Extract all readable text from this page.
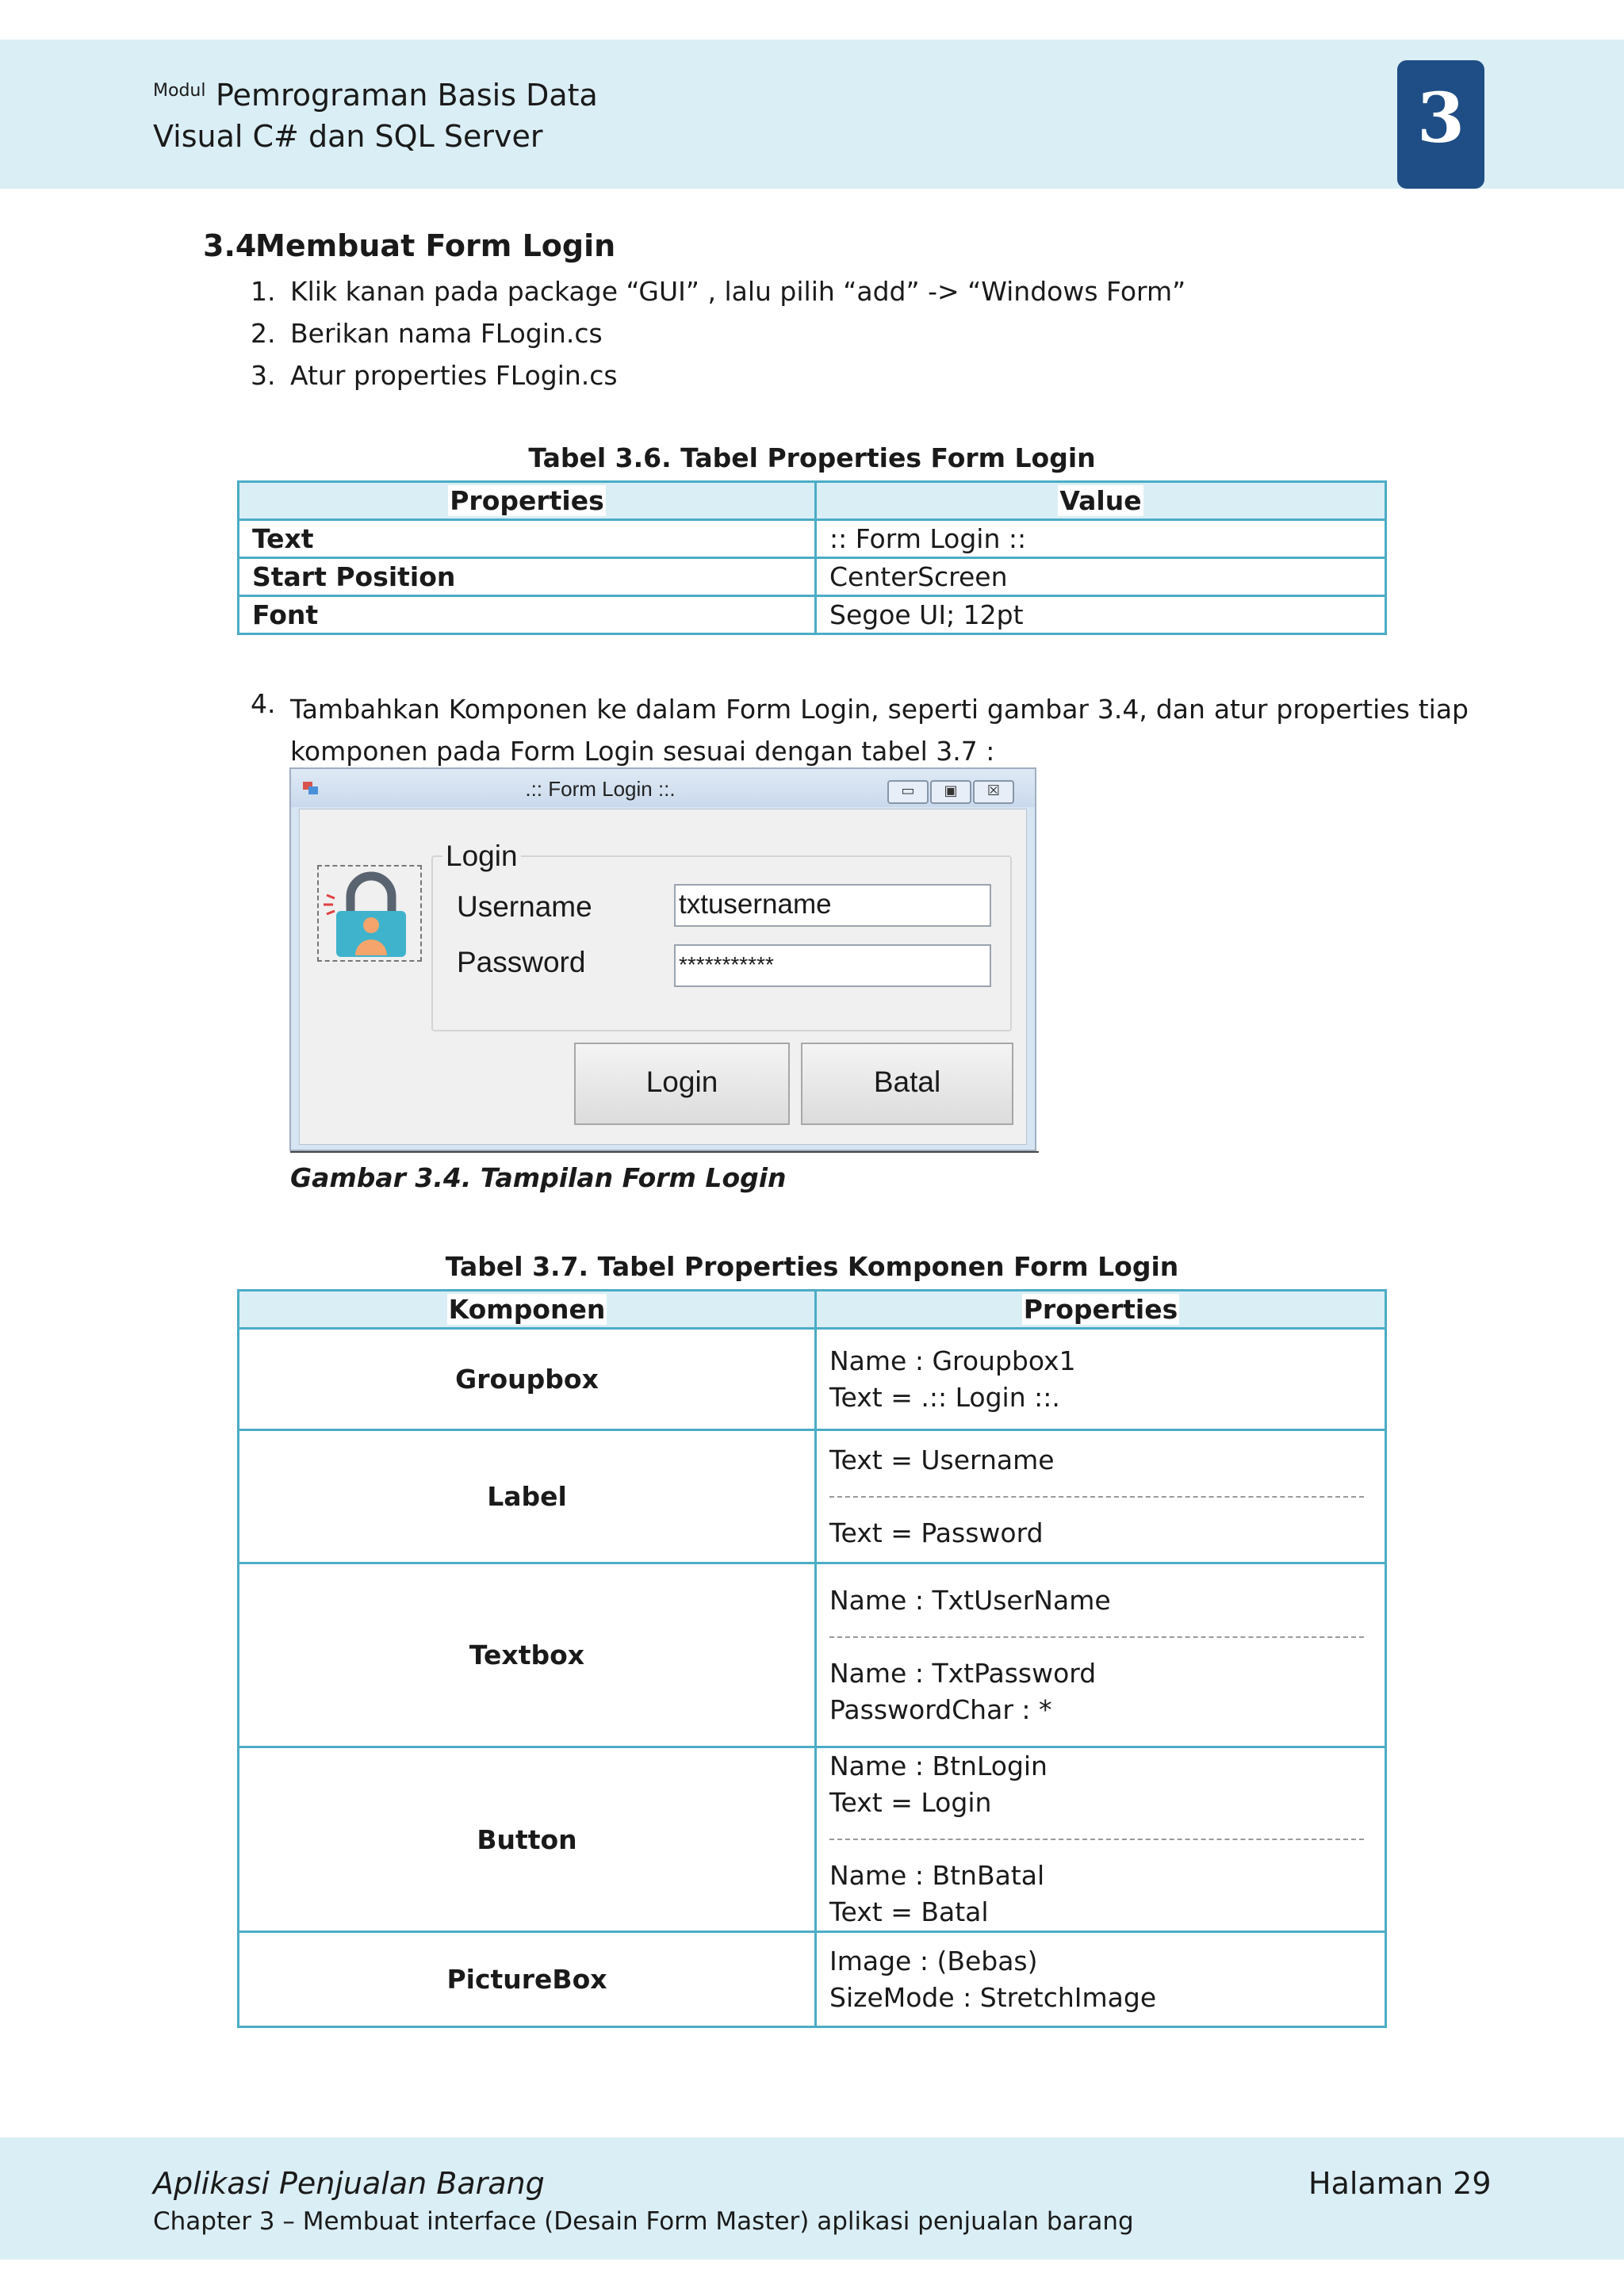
Modul Pemrograman Basis Data
Visual C# dan SQL Server	3
3.4
Membuat Form Login
1. Klik kanan pada package “GUI” , lalu pilih “add” -> “Windows Form”
2. Berikan nama FLogin.cs
3. Atur properties FLogin.cs
Tabel 3.6. Tabel Properties Form Login
Properties	Value
Text	:: Form Login ::
Start Position	CenterScreen
Font	Segoe UI; 12pt
4. Tambahkan Komponen ke dalam Form Login, seperti gambar 3.4, dan atur properties tiap komponen pada Form Login sesuai dengan tabel 3.7 :
.:: Form Login ::.	▭	▣	☒
Login
Username
Password
txtusername
***********
Login	Batal
Gambar 3.4. Tampilan Form Login
Tabel 3.7. Tabel Properties Komponen Form Login
Komponen	Properties
Groupbox	Name : Groupbox1
Text = .:: Login ::.

Label	Text = Username
Text = Password

Textbox	Name : TxtUserName
Name : TxtPassword
PasswordChar : *

Button	Name : BtnLogin
Text = Login
Name : BtnBatal
Text = Batal

PictureBox	Image : (Bebas)
SizeMode : StretchImage
Aplikasi Penjualan Barang	Halaman 29
Chapter 3 – Membuat interface (Desain Form Master) aplikasi penjualan barang
